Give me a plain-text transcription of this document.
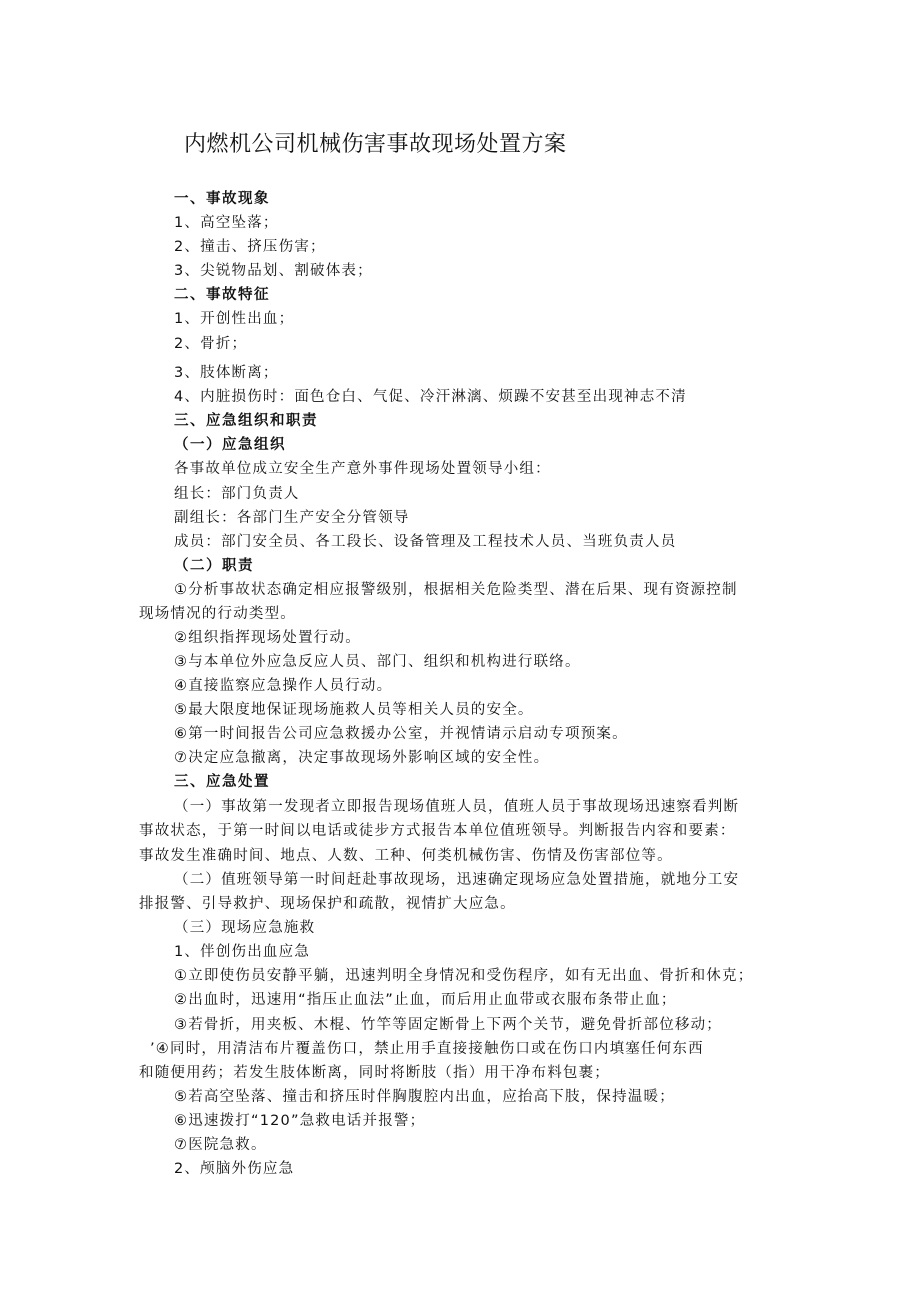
内燃机公司机械伤害事故现场处置方案
一、事故现象
1、高空坠落；
2、撞击、挤压伤害；
3、尖锐物品划、割破体表；
二、事故特征
1、开创性出血；
2、骨折；
3、肢体断离；
4、内脏损伤时：面色仓白、气促、冷汗淋漓、烦躁不安甚至出现神志不清
三、应急组织和职责
（一）应急组织
各事故单位成立安全生产意外事件现场处置领导小组：
组长：部门负责人
副组长：各部门生产安全分管领导
成员：部门安全员、各工段长、设备管理及工程技术人员、当班负责人员
（二）职责
①分析事故状态确定相应报警级别，根据相关危险类型、潜在后果、现有资源控制
现场情况的行动类型。
②组织指挥现场处置行动。
③与本单位外应急反应人员、部门、组织和机构进行联络。
④直接监察应急操作人员行动。
⑤最大限度地保证现场施救人员等相关人员的安全。
⑥第一时间报告公司应急救援办公室，并视情请示启动专项预案。
⑦决定应急撤离，决定事故现场外影响区域的安全性。
三、应急处置
（一）事故第一发现者立即报告现场值班人员，值班人员于事故现场迅速察看判断
事故状态，于第一时间以电话或徒步方式报告本单位值班领导。判断报告内容和要素：
事故发生准确时间、地点、人数、工种、何类机械伤害、伤情及伤害部位等。
（二）值班领导第一时间赶赴事故现场，迅速确定现场应急处置措施，就地分工安
排报警、引导救护、现场保护和疏散，视情扩大应急。
（三）现场应急施救
1、伴创伤出血应急
①立即使伤员安静平躺，迅速判明全身情况和受伤程序，如有无出血、骨折和休克；
②出血时，迅速用“指压止血法”止血，而后用止血带或衣服布条带止血；
③若骨折，用夹板、木棍、竹竿等固定断骨上下两个关节，避免骨折部位移动；
’④同时，用清洁布片覆盖伤口，禁止用手直接接触伤口或在伤口内填塞任何东西
和随便用药；若发生肢体断离，同时将断肢（指）用干净布料包裹；
⑤若高空坠落、撞击和挤压时伴胸腹腔内出血，应抬高下肢，保持温暖；
⑥迅速拨打“120”急救电话并报警；
⑦医院急救。
2、颅脑外伤应急
